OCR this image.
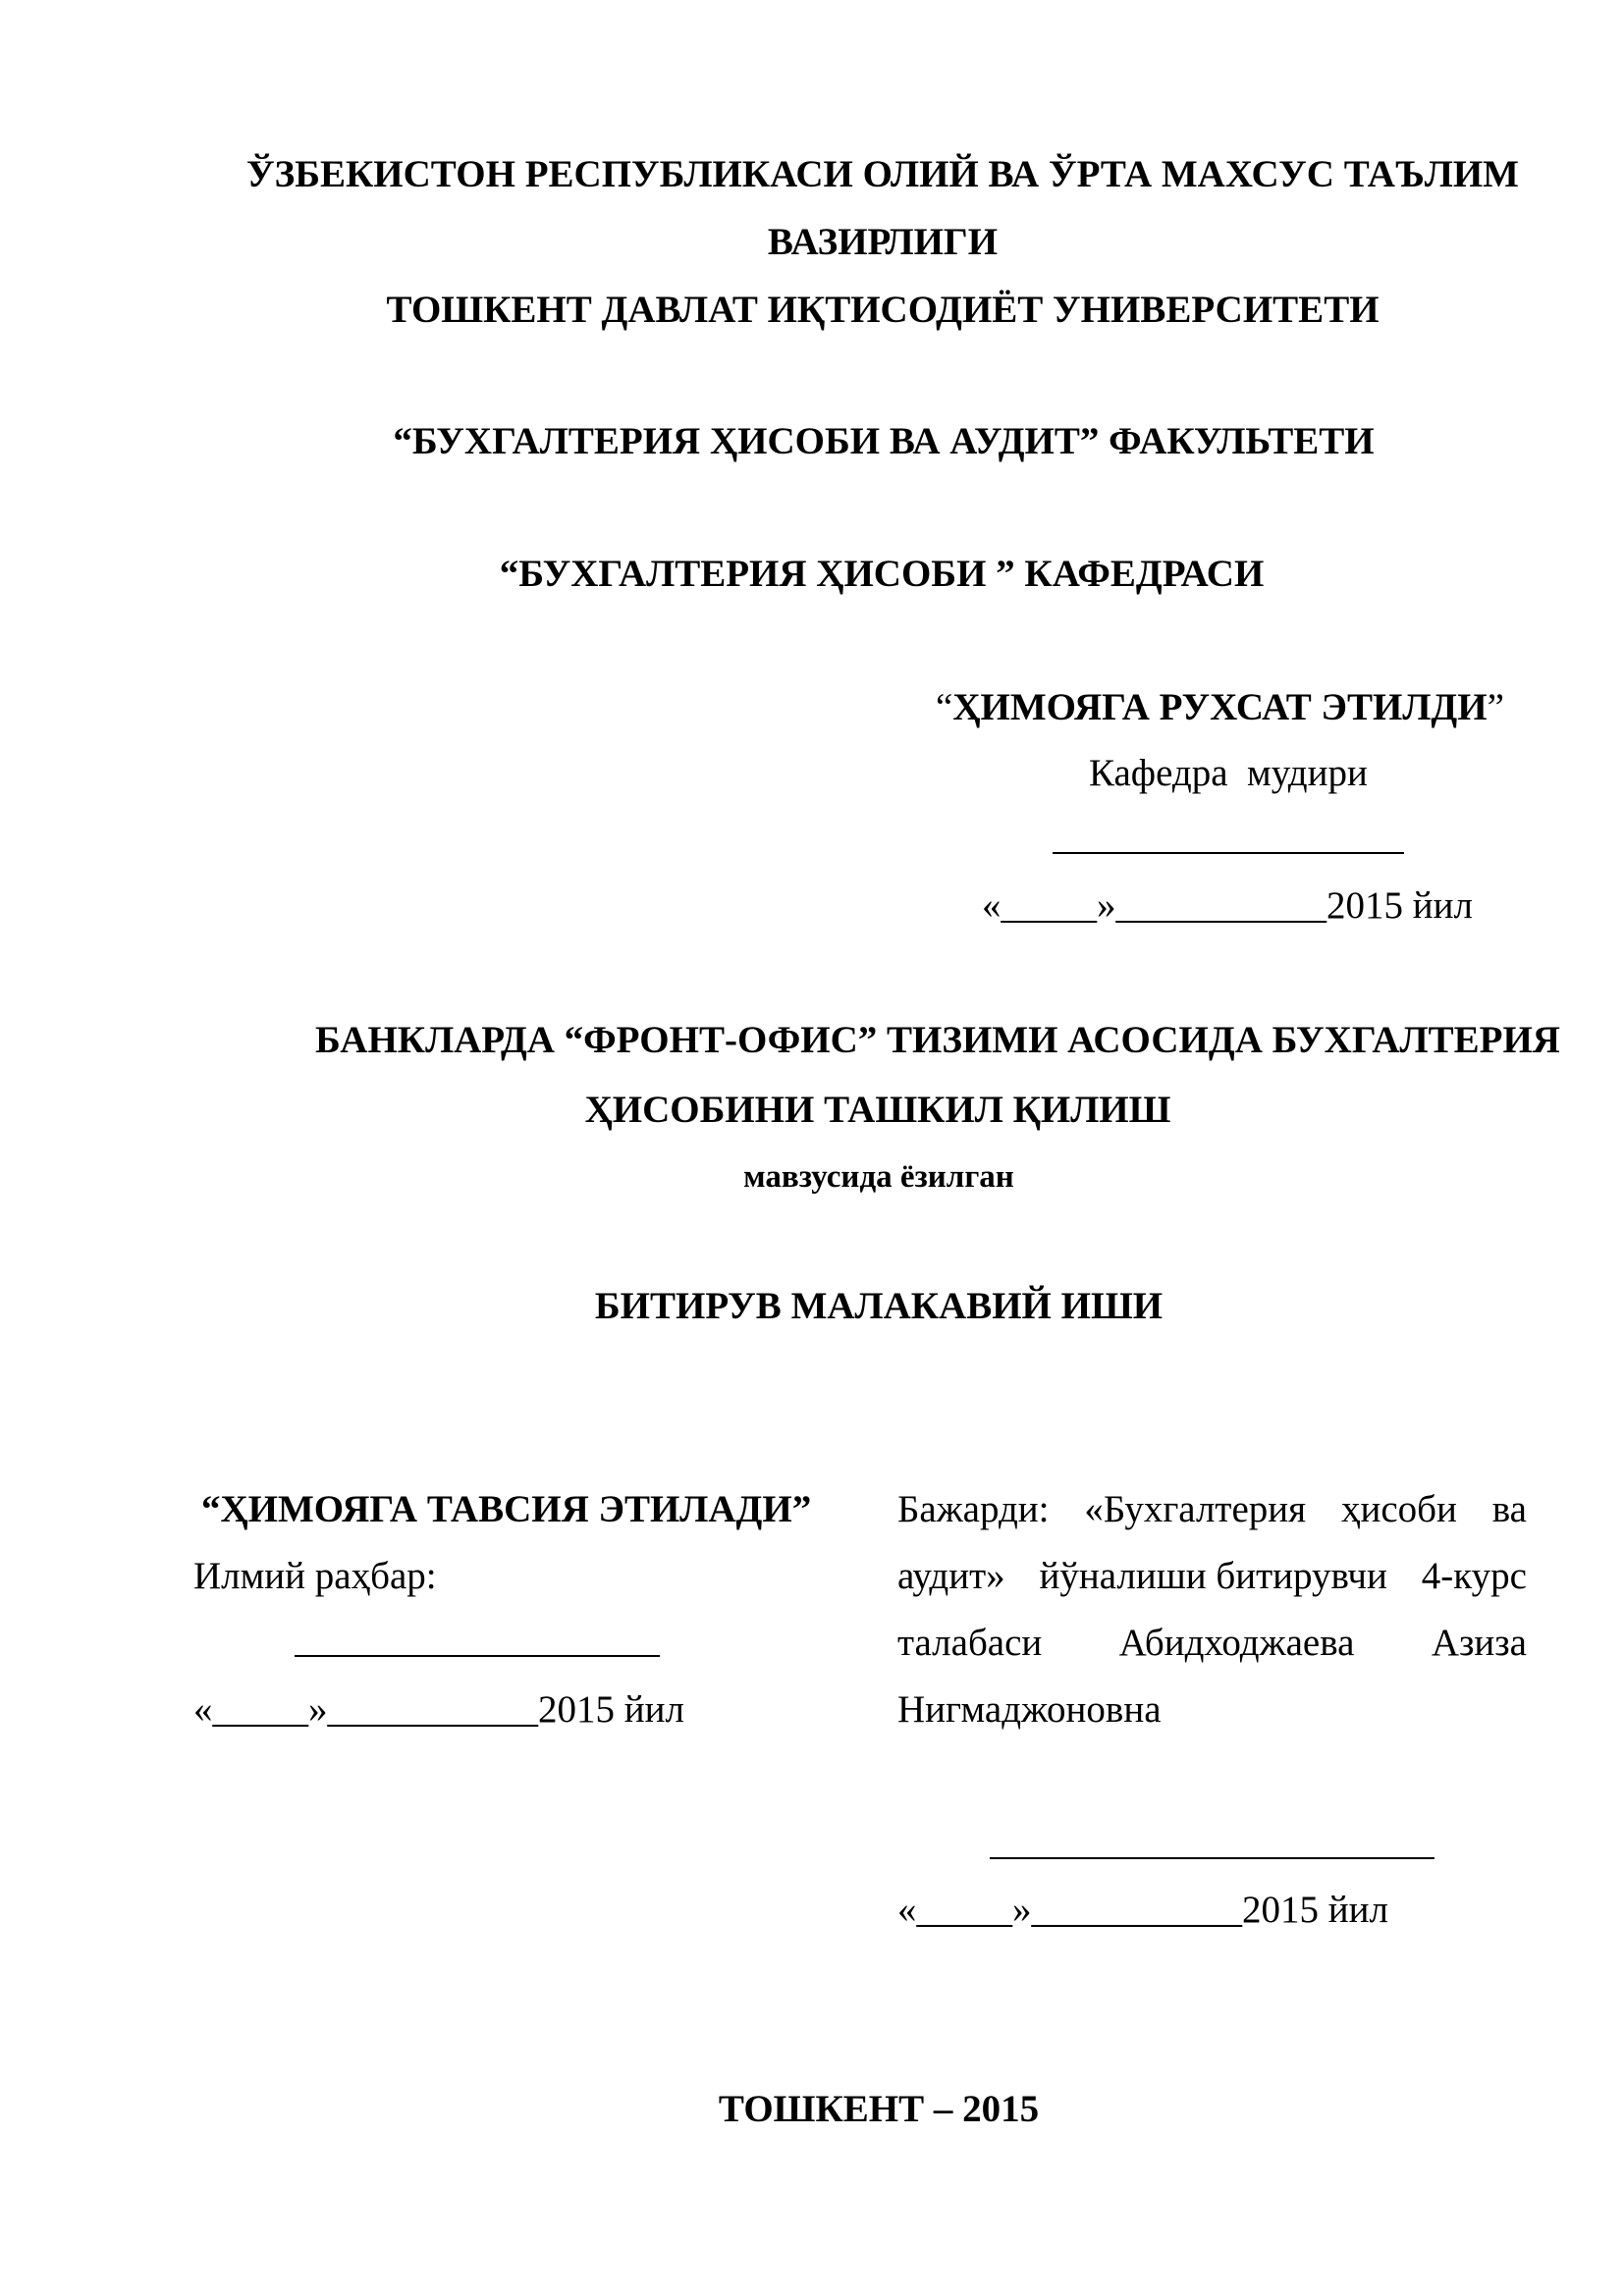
ЎЗБЕКИСТОН РЕСПУБЛИКАСИ ОЛИЙ ВА ЎРТА МАХСУС ТАЪЛИМ
ВАЗИРЛИГИ
ТОШКЕНТ ДАВЛАТ ИҚТИСОДИЁТ УНИВЕРСИТЕТИ
“БУХГАЛТЕРИЯ ҲИСОБИ ВА АУДИТ” ФАКУЛЬТЕТИ
“БУХГАЛТЕРИЯ ҲИСОБИ ” КАФЕДРАСИ
“ҲИМОЯГА РУХСАТ ЭТИЛДИ”
Кафедра  мудири
«_____»___________2015 йил
БАНКЛАРДА “ФРОНТ-ОФИС” ТИЗИМИ АСОСИДА БУХГАЛТЕРИЯ
ҲИСОБИНИ ТАШКИЛ ҚИЛИШ
мавзусида ёзилган
БИТИРУВ МАЛАКАВИЙ ИШИ
“ҲИМОЯГА ТАВСИЯ ЭТИЛАДИ”
Илмий раҳбар:
«_____»___________2015 йил
Бажарди: «Бухгалтерия ҳисоби ва
аудит» йўналиши битирувчи 4-курс
талабаси Абидходжаева Азиза
Нигмаджоновна
«_____»___________2015 йил
ТОШКЕНТ – 2015
